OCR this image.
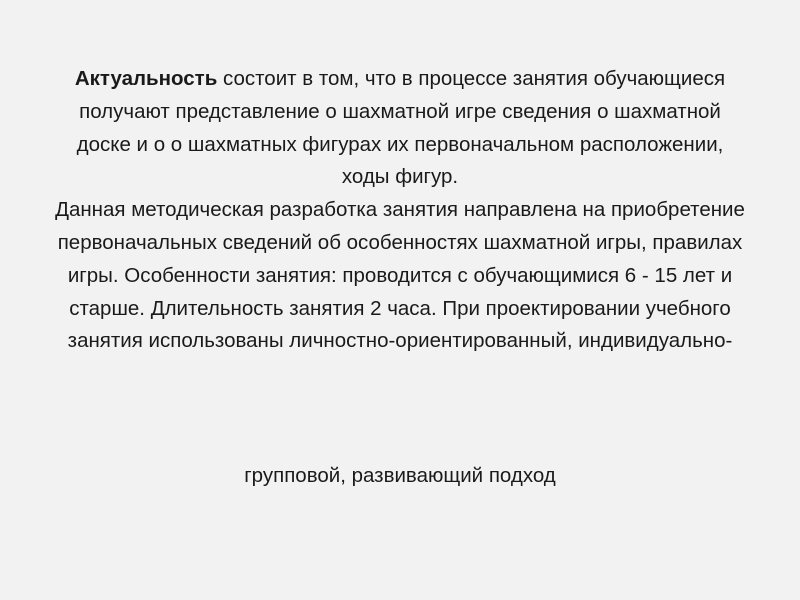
Актуальность состоит в том, что в процессе занятия обучающиеся получают представление о шахматной игре сведения о шахматной доске и о о шахматных фигурах их первоначальном расположении, ходы фигур.

Данная методическая разработка занятия направлена на приобретение первоначальных сведений об особенностях шахматной игры, правилах игры. Особенности занятия: проводится с обучающимися 6 - 15 лет и старше. Длительность занятия 2 часа. При проектировании учебного занятия использованы личностно-ориентированный, индивидуально-

групповой, развивающий подход
